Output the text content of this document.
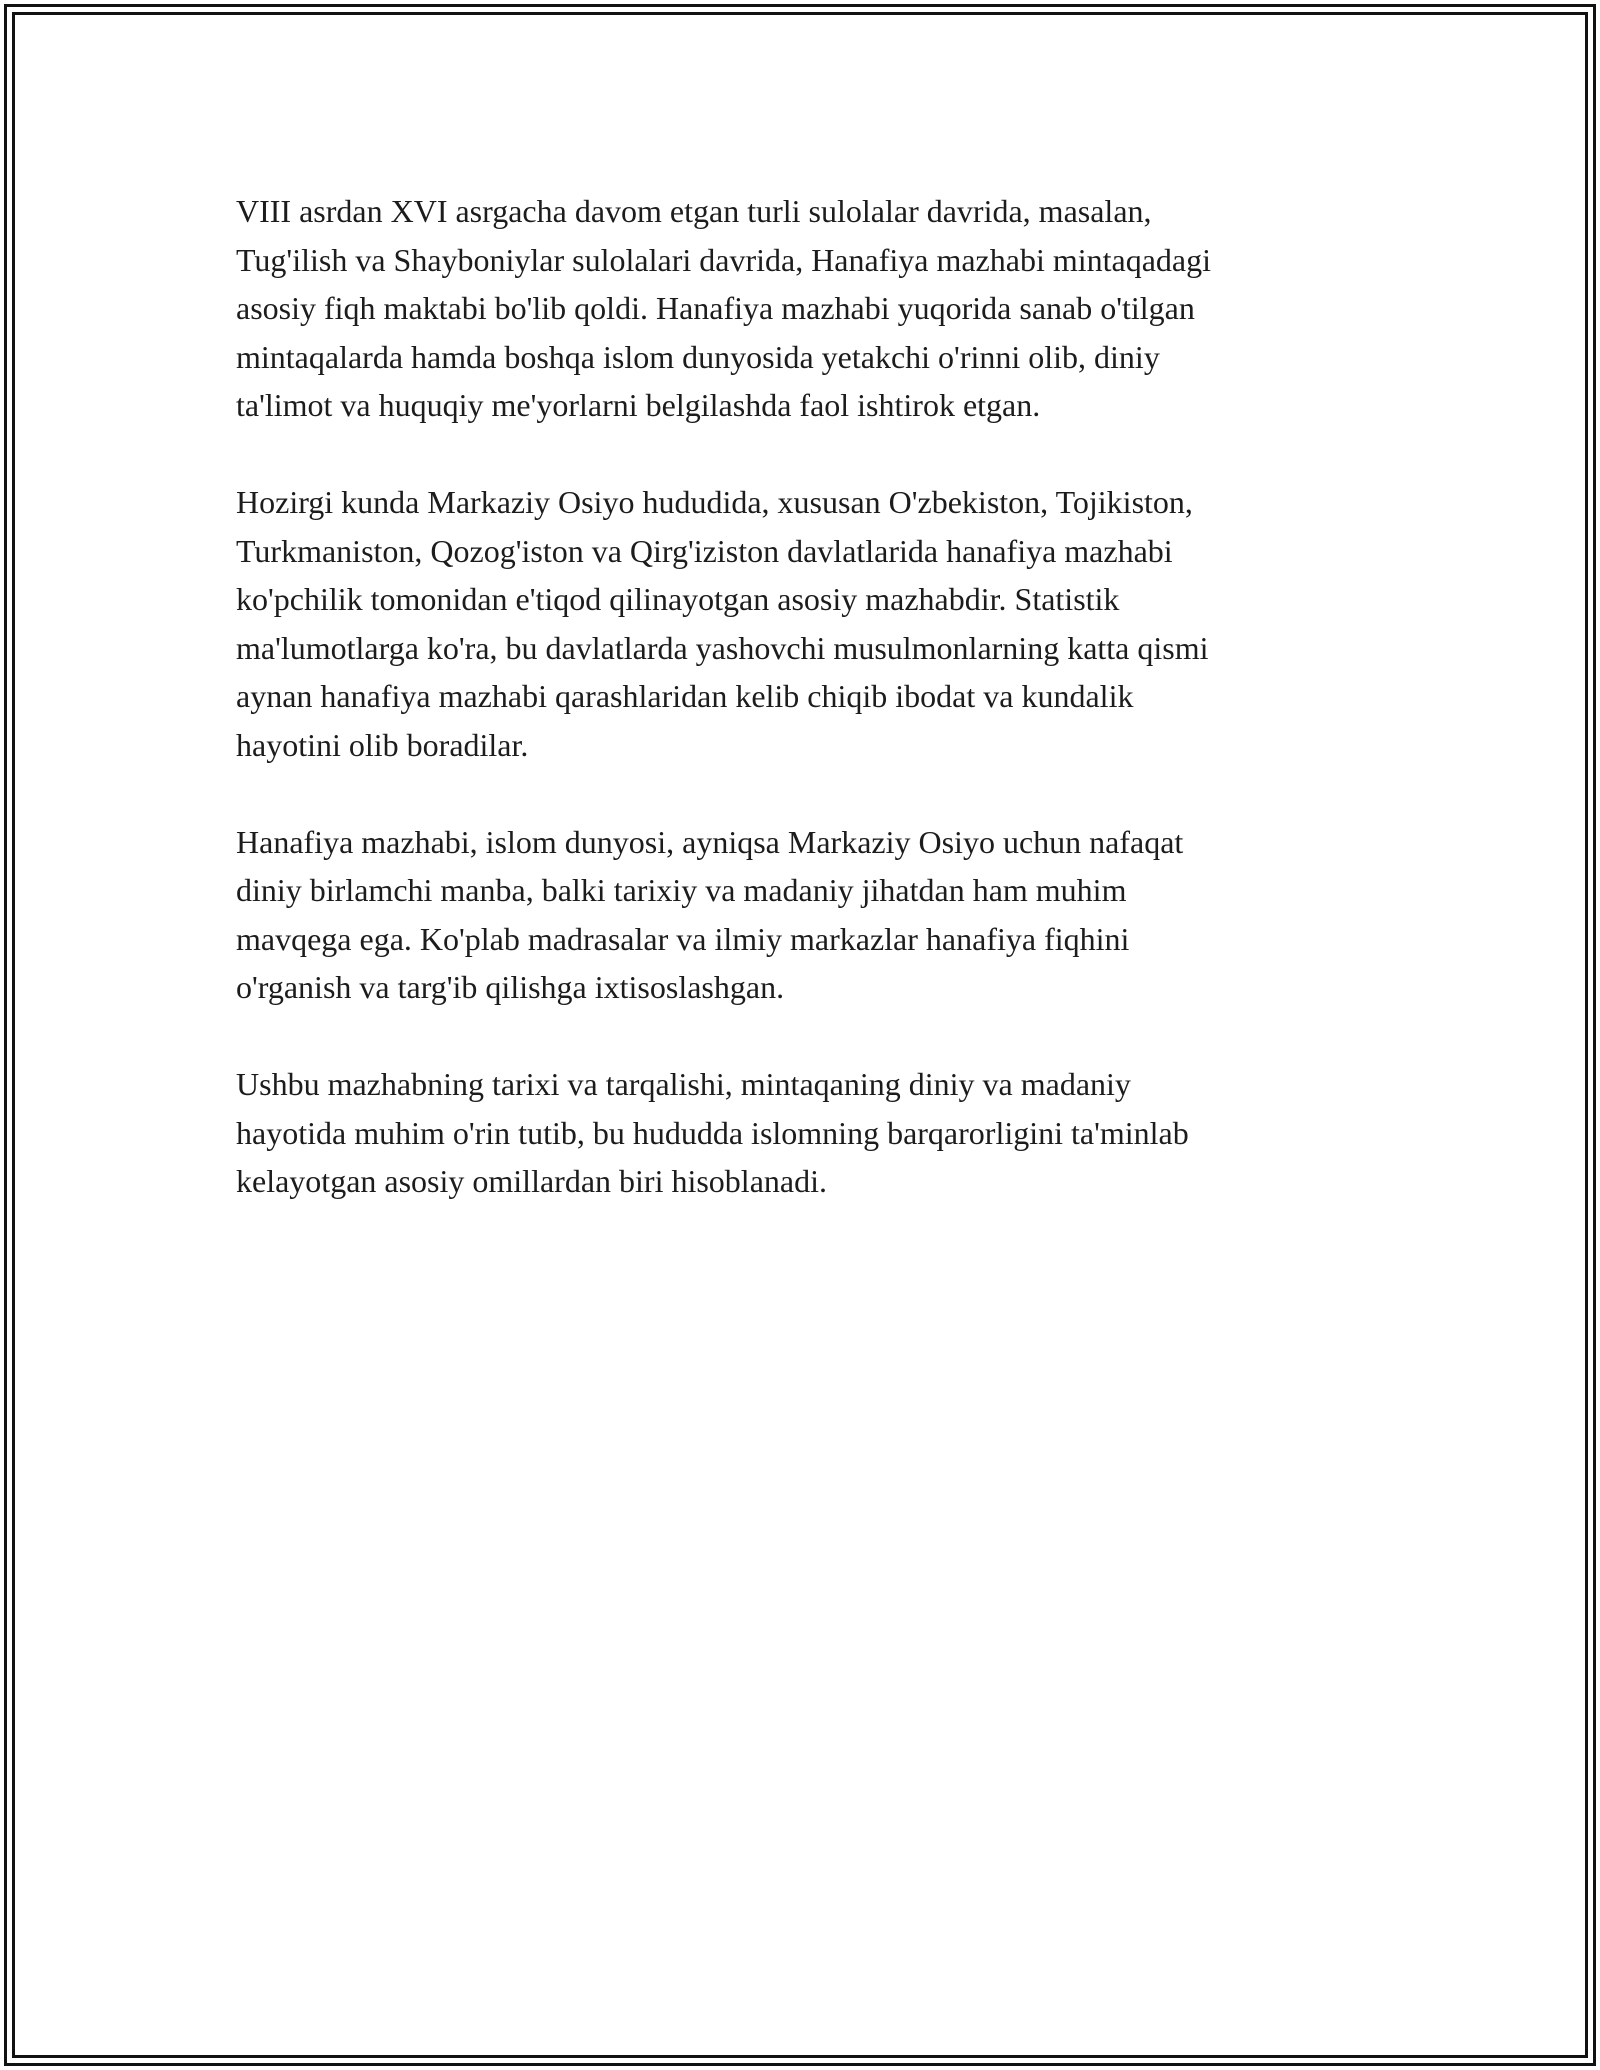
VIII asrdan XVI asrgacha davom etgan turli sulolalar davrida, masalan,
Tug'ilish va Shayboniylar sulolalari davrida, Hanafiya mazhabi mintaqadagi
asosiy fiqh maktabi bo'lib qoldi. Hanafiya mazhabi yuqorida sanab o'tilgan
mintaqalarda hamda boshqa islom dunyosida yetakchi o'rinni olib, diniy
ta'limot va huquqiy me'yorlarni belgilashda faol ishtirok etgan.

Hozirgi kunda Markaziy Osiyo hududida, xususan O'zbekiston, Tojikiston,
Turkmaniston, Qozog'iston va Qirg'iziston davlatlarida hanafiya mazhabi
ko'pchilik tomonidan e'tiqod qilinayotgan asosiy mazhabdir. Statistik
ma'lumotlarga ko'ra, bu davlatlarda yashovchi musulmonlarning katta qismi
aynan hanafiya mazhabi qarashlaridan kelib chiqib ibodat va kundalik
hayotini olib boradilar.

Hanafiya mazhabi, islom dunyosi, ayniqsa Markaziy Osiyo uchun nafaqat
diniy birlamchi manba, balki tarixiy va madaniy jihatdan ham muhim
mavqega ega. Ko'plab madrasalar va ilmiy markazlar hanafiya fiqhini
o'rganish va targ'ib qilishga ixtisoslashgan.

Ushbu mazhabning tarixi va tarqalishi, mintaqaning diniy va madaniy
hayotida muhim o'rin tutib, bu hududda islomning barqarorligini ta'minlab
kelayotgan asosiy omillardan biri hisoblanadi.
